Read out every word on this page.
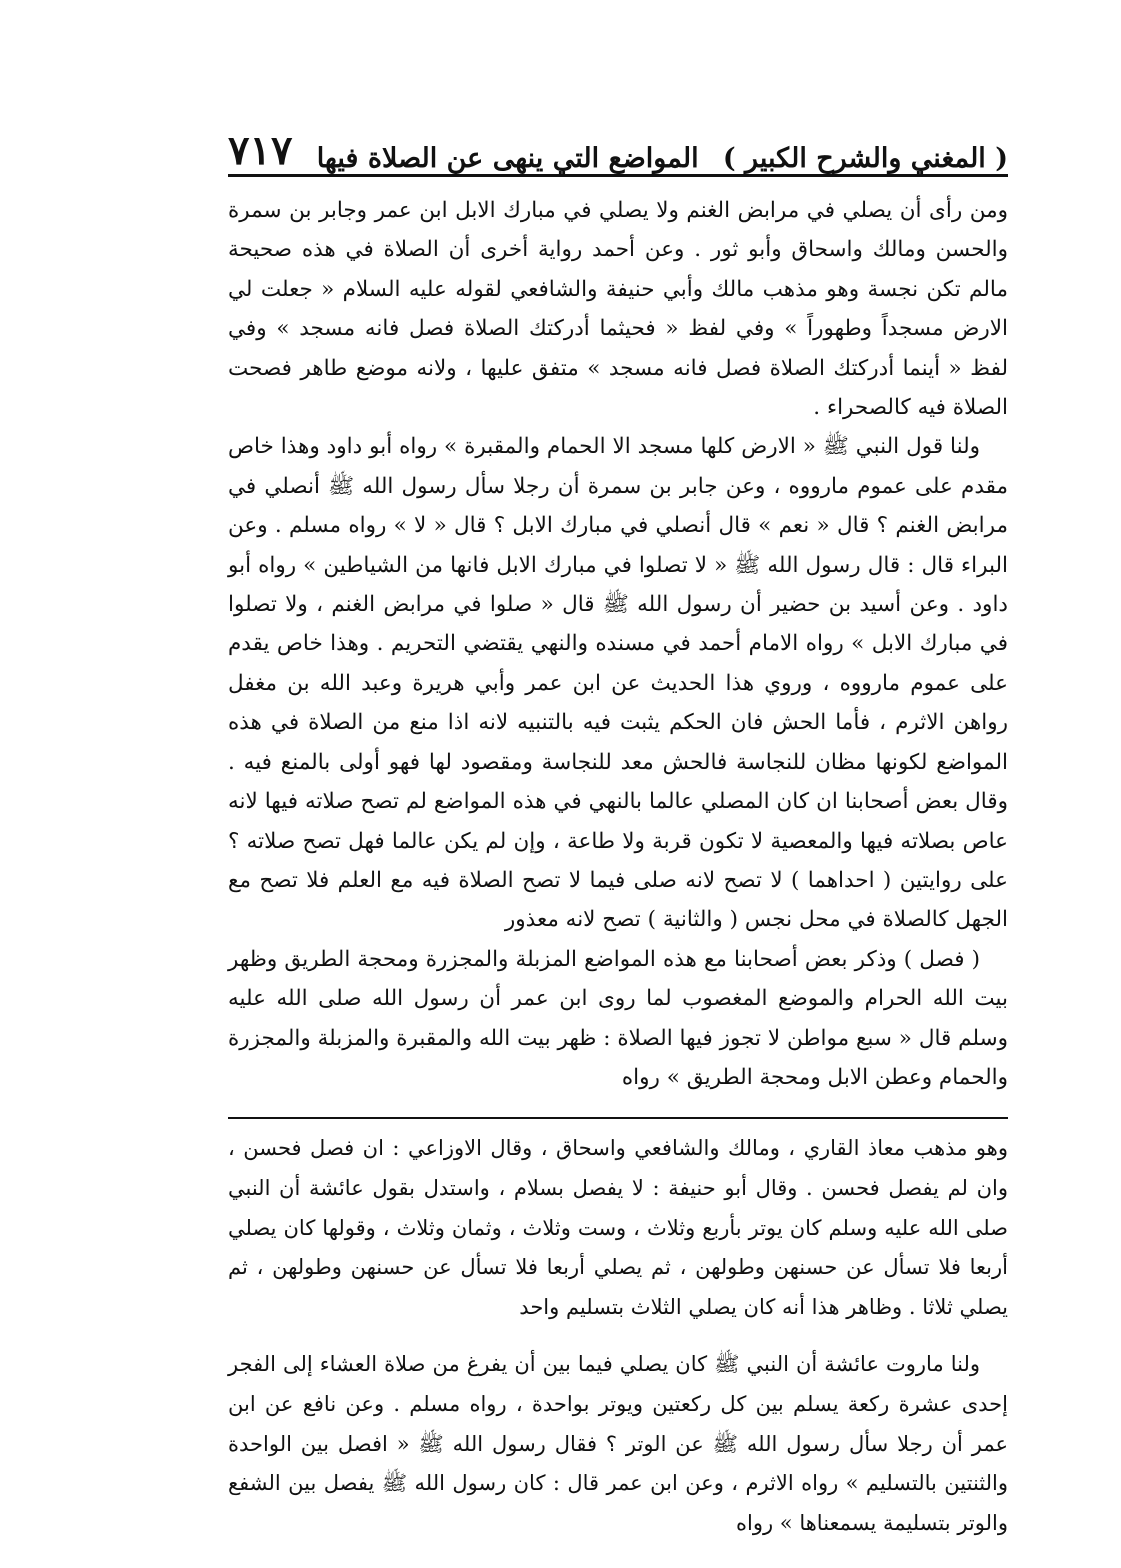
( المغني والشرح الكبير )
المواضع التي ينهى عن الصلاة فيها
٧١٧

ومن رأى أن يصلي في مرابض الغنم ولا يصلي في مبارك الابل ابن عمر وجابر بن سمرة والحسن ومالك واسحاق وأبو ثور . وعن أحمد رواية أخرى أن الصلاة في هذه صحيحة مالم تكن نجسة وهو مذهب مالك وأبي حنيفة والشافعي لقوله عليه السلام « جعلت لي الارض مسجداً وطهوراً » وفي لفظ « فحيثما أدركتك الصلاة فصل فانه مسجد » وفي لفظ « أينما أدركتك الصلاة فصل فانه مسجد » متفق عليها ، ولانه موضع طاهر فصحت الصلاة فيه كالصحراء .

ولنا قول النبي ﷺ « الارض كلها مسجد الا الحمام والمقبرة » رواه أبو داود وهذا خاص مقدم على عموم مارووه ، وعن جابر بن سمرة أن رجلا سأل رسول الله ﷺ أنصلي في مرابض الغنم ؟ قال « نعم » قال أنصلي في مبارك الابل ؟ قال « لا » رواه مسلم . وعن البراء قال : قال رسول الله ﷺ « لا تصلوا في مبارك الابل فانها من الشياطين » رواه أبو داود . وعن أسيد بن حضير أن رسول الله ﷺ قال « صلوا في مرابض الغنم ، ولا تصلوا في مبارك الابل » رواه الامام أحمد في مسنده والنهي يقتضي التحريم . وهذا خاص يقدم على عموم مارووه ، وروي هذا الحديث عن ابن عمر وأبي هريرة وعبد الله بن مغفل رواهن الاثرم ، فأما الحش فان الحكم يثبت فيه بالتنبيه لانه اذا منع من الصلاة في هذه المواضع لكونها مظان للنجاسة فالحش معد للنجاسة ومقصود لها فهو أولى بالمنع فيه . وقال بعض أصحابنا ان كان المصلي عالما بالنهي في هذه المواضع لم تصح صلاته فيها لانه عاص بصلاته فيها والمعصية لا تكون قربة ولا طاعة ، وإن لم يكن عالما فهل تصح صلاته ؟ على روايتين ( احداهما ) لا تصح لانه صلى فيما لا تصح الصلاة فيه مع العلم فلا تصح مع الجهل كالصلاة في محل نجس ( والثانية ) تصح لانه معذور

( فصل ) وذكر بعض أصحابنا مع هذه المواضع المزبلة والمجزرة ومحجة الطريق وظهر بيت الله الحرام والموضع المغصوب لما روى ابن عمر أن رسول الله صلى الله عليه وسلم قال « سبع مواطن لا تجوز فيها الصلاة : ظهر بيت الله والمقبرة والمزبلة والمجزرة والحمام وعطن الابل ومحجة الطريق » رواه

وهو مذهب معاذ القاري ، ومالك والشافعي واسحاق ، وقال الاوزاعي : ان فصل فحسن ، وان لم يفصل فحسن . وقال أبو حنيفة : لا يفصل بسلام ، واستدل بقول عائشة أن النبي صلى الله عليه وسلم كان يوتر بأربع وثلاث ، وست وثلاث ، وثمان وثلاث ، وقولها كان يصلي أربعا فلا تسأل عن حسنهن وطولهن ، ثم يصلي أربعا فلا تسأل عن حسنهن وطولهن ، ثم يصلي ثلاثا . وظاهر هذا أنه كان يصلي الثلاث بتسليم واحد

ولنا ماروت عائشة أن النبي ﷺ كان يصلي فيما بين أن يفرغ من صلاة العشاء إلى الفجر إحدى عشرة ركعة يسلم بين كل ركعتين ويوتر بواحدة ، رواه مسلم . وعن نافع عن ابن عمر أن رجلا سأل رسول الله ﷺ عن الوتر ؟ فقال رسول الله ﷺ « افصل بين الواحدة والثنتين بالتسليم » رواه الاثرم ، وعن ابن عمر قال : كان رسول الله ﷺ يفصل بين الشفع والوتر بتسليمة يسمعناها » رواه
